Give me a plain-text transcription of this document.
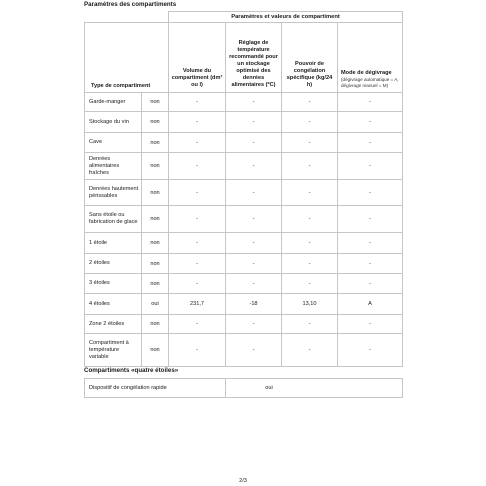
Paramètres des compartiments
		Paramètres et valeurs de compartiment			
Type de compartiment		Volume du compartiment (dm³ ou l)	Réglage de température recommandé pour un stockage optimisé des denrées alimentaires (ºC)	Pouvoir de congélation spécifique (kg/24 h)	Mode de dégivrage
(dégivrage automatique = A, dégivrage manuel = M)

Garde-manger	non	-	-	-	-
Stockage du vin	non	-	-	-	-
Cave	non	-	-	-	-
Denrées alimentaires fraîches	non	-	-	-	-
Denrées hautement périssables	non	-	-	-	-
Sans étoile ou fabrication de glace	non	-	-	-	-
1 étoile	non	-	-	-	-
2 étoiles	non	-	-	-	-
3 étoiles	non	-	-	-	-
4 étoiles	oui	231,7	-18	13,10	A
Zone 2 étoiles	non	-	-	-	-
Compartiment à température variable	non	-	-	-	-
Compartiments «quatre étoiles»
Dispositif de congélation rapide	oui
2/3
